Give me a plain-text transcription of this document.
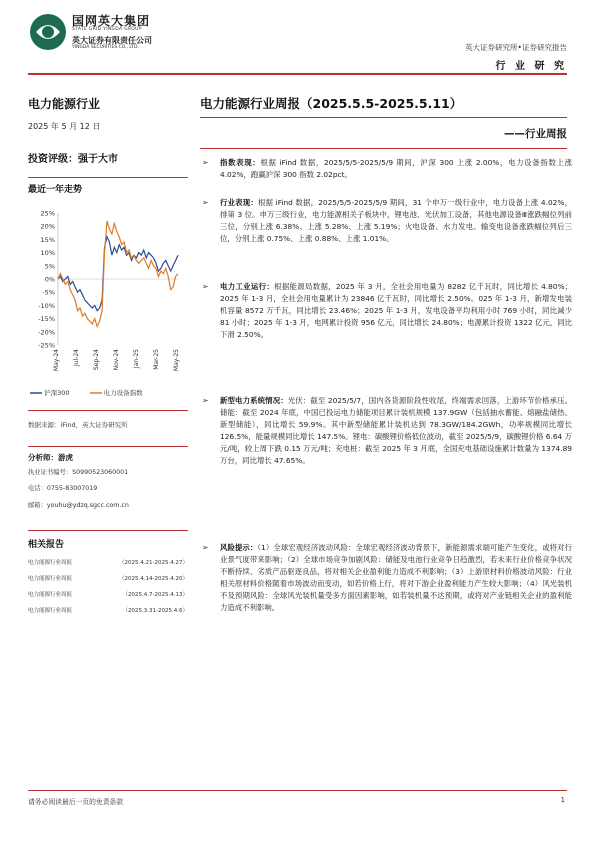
国网英大集团
STATE GRID YINGDA GROUP
英大证券有限责任公司
YINGDA SECURITIES CO., LTD.	英大证券研究所•证券研究报告
行 业 研 究
电力能源行业
2025 年 5 月 12 日
投资评级：强于大市
最近一年走势
25%
20%
15%
10%
5%
0%
-5%
-10%
-15%
-20%
-25%
May-24 Jul-24 Sep-24 Nov-24 Jan-25 Mar-25 May-25
沪深300	电力设备指数
数据来源：iFind，英大证券研究所
分析师：游虎
执业证书编号：S0990523060001
电话：0755-83007019
邮箱：youhu@ydzq.sgcc.com.cn
相关报告
电力能源行业周报	（2025.4.21-2025.4.27）
电力能源行业周报	（2025.4.14-2025.4.20）
电力能源行业周报	（2025.4.7-2025.4.13）
电力能源行业周报	（2025.3.31-2025.4.6）
电力能源行业周报（2025.5.5-2025.5.11）
——行业周报
➢ 指数表现：根据 iFind 数据，2025/5/5-2025/5/9 期间，沪深 300 上涨 2.00%，电力设备指数上涨 4.02%，跑赢沪深 300 指数 2.02pct。
➢ 行业表现：根据 iFind 数据，2025/5/5-2025/5/9 期间，31 个申万一级行业中，电力设备上涨 4.02%，排第 3 位。申万三级行业，电力能源相关子板块中，锂电池、光伏加工设备，其他电源设备Ⅲ涨跌幅位列前三位，分别上涨 6.38%、上涨 5.28%、上涨 5.19%；火电设备、水力发电、输变电设备涨跌幅位列后三位，分别上涨 0.75%、上涨 0.88%、上涨 1.01%。
➢ 电力工业运行：根据能源局数据，2025 年 3 月，全社会用电量为 8282 亿千瓦时，同比增长 4.80%；2025 年 1-3 月，全社会用电量累计为 23846 亿千瓦时，同比增长 2.50%。025 年 1-3 月，新增发电装机容量 8572 万千瓦，同比增长 23.46%；2025 年 1-3 月，发电设备平均利用小时 769 小时，同比减少 81 小时；2025 年 1-3 月，电网累计投资 956 亿元，同比增长 24.80%；电源累计投资 1322 亿元，同比下滑 2.50%。
➢ 新型电力系统情况：光伏：截至 2025/5/7，国内各货源阶段性收尾，终端需求回落，上游环节价格承压。储能：截至 2024 年底，中国已投运电力储能项目累计装机规模 137.9GW（包括抽水蓄能、熔融盐储热、新型储能），同比增长 59.9%。其中新型储能累计装机达到 78.3GW/184.2GWh，功率规模同比增长 126.5%，能量规模同比增长 147.5%。锂电：碳酸锂价格低位波动，截至 2025/5/9，碳酸锂价格 6.64 万元/吨，较上周下跌 0.15 万元/吨；充电桩：截至 2025 年 3 月底，全国充电基础设施累计数量为 1374.89 万台，同比增长 47.65%。
➢ 风险提示：（1）全球宏观经济波动风险：全球宏观经济波动背景下，新能源需求端可能产生变化，或将对行业景气度带来影响；（2）全球市场竞争加剧风险：储能及电池行业竞争日趋激烈，若未来行业价格竞争状况不断持续、劣质产品驱逐良品，将对相关企业盈利能力造成不利影响；（3）上游原材料价格波动风险：行业相关原材料价格随着市场波动而变动，如若价格上行，将对下游企业盈利能力产生较大影响；（4）风光装机不及预期风险：全球风光装机量受多方面因素影响，如若装机量不达预期，或将对产业链相关企业的盈利能力造成不利影响。
请务必阅读最后一页的免责条款	1
